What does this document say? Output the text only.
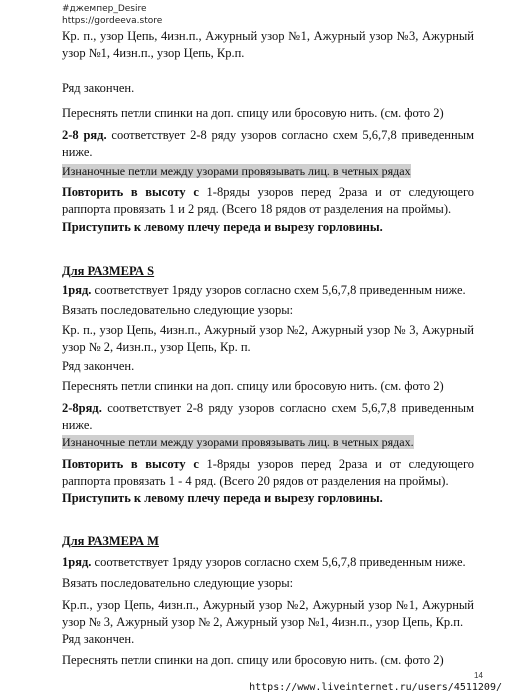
#джемпер_Desire
https://gordeeva.store

Кр. п., узор Цепь, 4изн.п., Ажурный узор №1, Ажурный узор №3, Ажурный узор №1, 4изн.п., узор Цепь, Кр.п.

Ряд закончен.

Переснять петли спинки на доп. спицу или бросовую нить. (см. фото 2)

2-8 ряд. соответствует 2-8 ряду узоров согласно схем 5,6,7,8 приведенным ниже.

Изнаночные петли между узорами провязывать лиц. в четных рядах

Повторить в высоту с 1-8ряды узоров перед 2раза и от следующего раппорта провязать 1 и 2 ряд. (Всего 18 рядов от разделения на проймы).

Приступить к левому плечу переда и вырезу горловины.

Для РАЗМЕРА S

1ряд. соответствует 1ряду узоров согласно схем 5,6,7,8 приведенным ниже.

Вязать последовательно следующие узоры:

Кр. п., узор Цепь, 4изн.п., Ажурный узор №2, Ажурный узор № 3, Ажурный узор № 2, 4изн.п., узор Цепь, Кр. п.

Ряд закончен.

Переснять петли спинки на доп. спицу или бросовую нить. (см. фото 2)

2-8ряд. соответствует 2-8 ряду узоров согласно схем 5,6,7,8 приведенным ниже.

Изнаночные петли между узорами провязывать лиц. в четных рядах.

Повторить в высоту с 1-8ряды узоров перед 2раза и от следующего раппорта провязать 1 - 4 ряд. (Всего 20 рядов от разделения на проймы).

Приступить к левому плечу переда и вырезу горловины.

Для РАЗМЕРА М

1ряд. соответствует 1ряду узоров согласно схем 5,6,7,8 приведенным ниже.

Вязать последовательно следующие узоры:

Кр.п., узор Цепь, 4изн.п., Ажурный узор №2, Ажурный узор №1, Ажурный узор № 3, Ажурный узор № 2, Ажурный узор №1, 4изн.п., узор Цепь, Кр.п.

Ряд закончен.

Переснять петли спинки на доп. спицу или бросовую нить. (см. фото 2)

14
https://www.liveinternet.ru/users/4511209/
